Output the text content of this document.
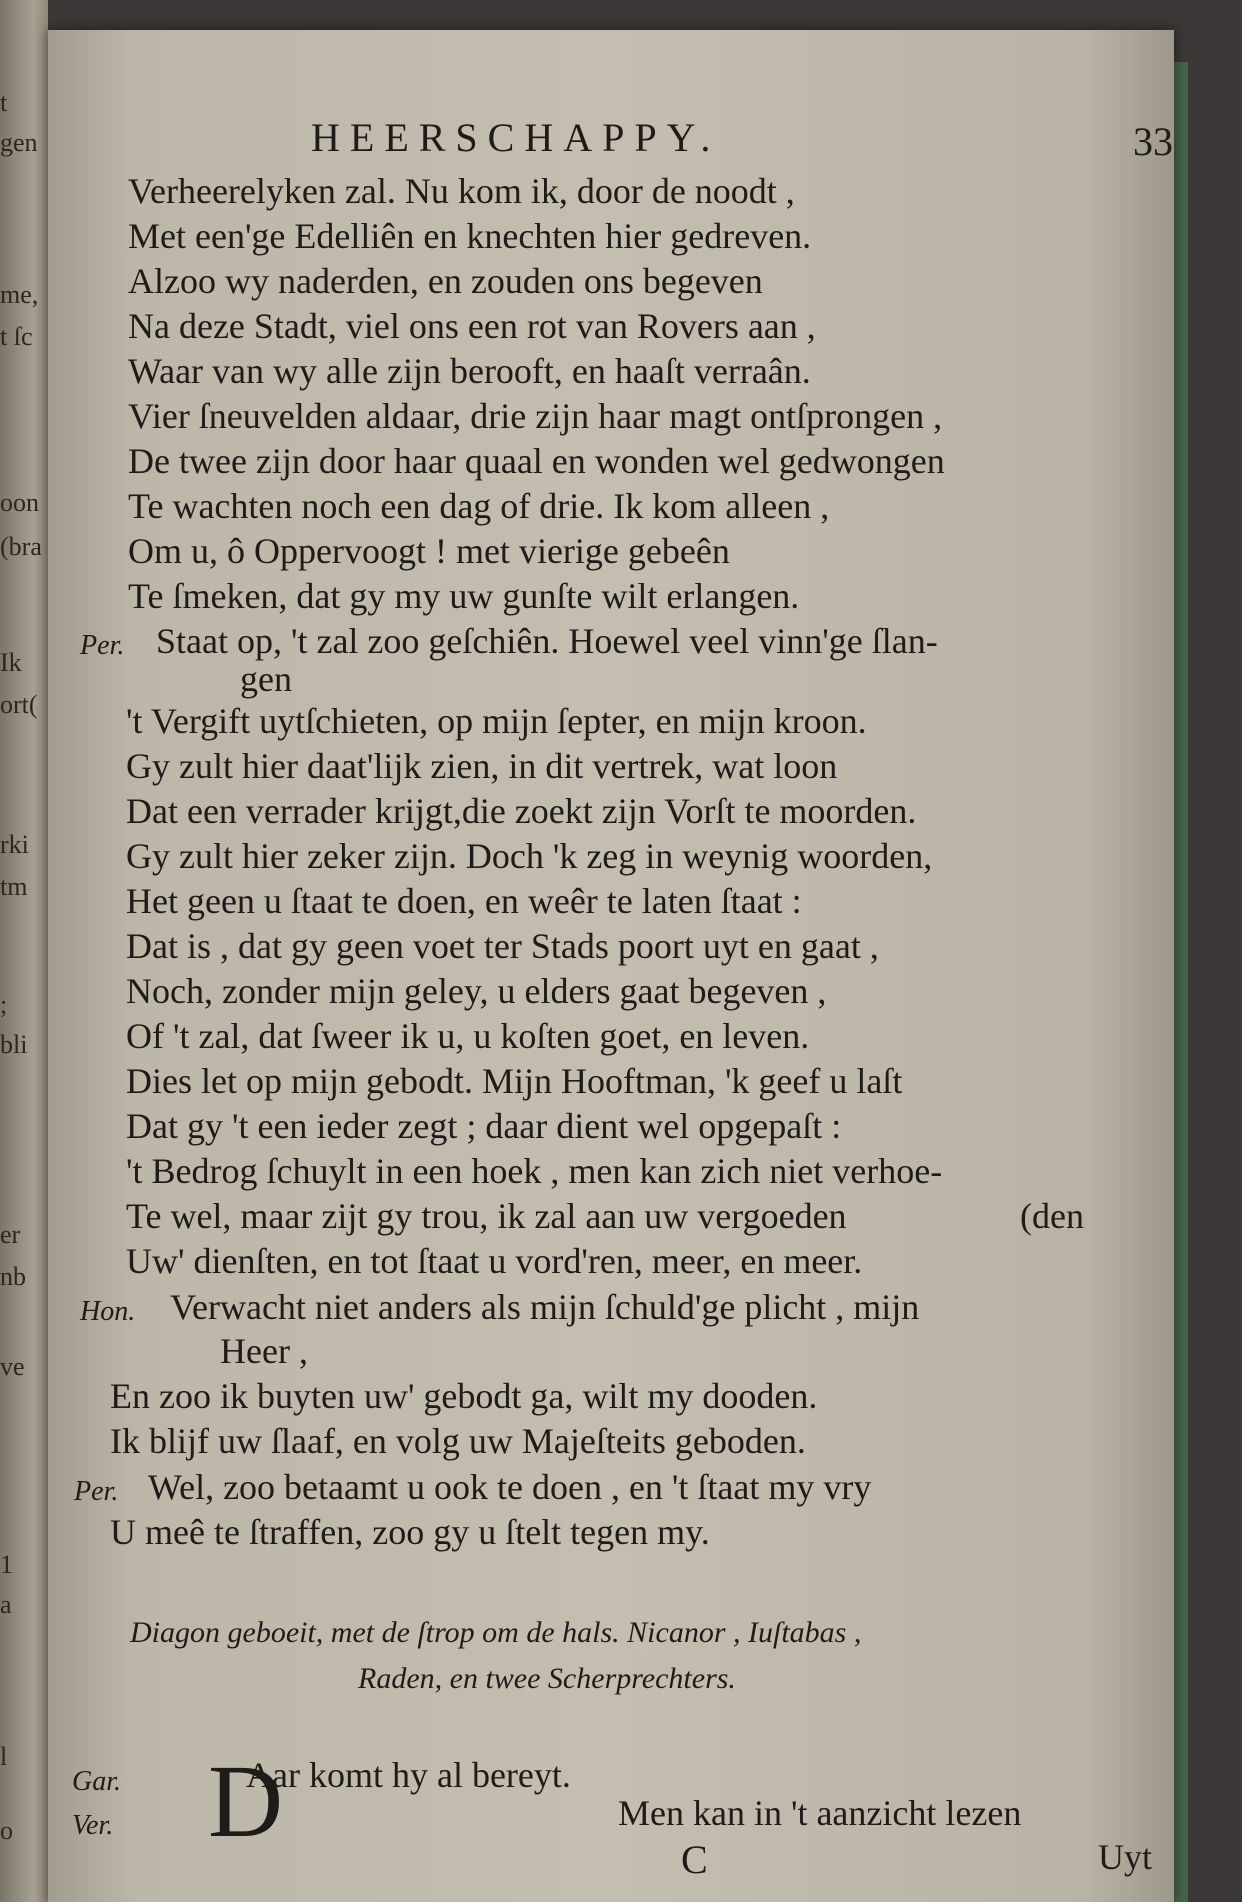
t
gen
me,
t ſc
oon
(bra
Ik
ort(
rki
tm
;
bli
er
nb
ve
1
a
l
o
HEERSCHAPPY.	33
Verheerelyken zal. Nu kom ik, door de noodt ,
Met een'ge Edelliên en knechten hier gedreven.
Alzoo wy naderden, en zouden ons begeven
Na deze Stadt, viel ons een rot van Rovers aan ,
Waar van wy alle zijn berooft, en haaſt verraân.
Vier ſneuvelden aldaar, drie zijn haar magt ontſprongen ,
De twee zijn door haar quaal en wonden wel gedwongen
Te wachten noch een dag of drie. Ik kom alleen ,
Om u, ô Oppervoogt ! met vierige gebeên
Te ſmeken, dat gy my uw gunſte wilt erlangen.
Per. Staat op, 't zal zoo geſchiên. Hoewel veel vinn'ge ſlan-
gen
't Vergift uytſchieten, op mijn ſepter, en mijn kroon.
Gy zult hier daat'lijk zien, in dit vertrek, wat loon
Dat een verrader krijgt,die zoekt zijn Vorſt te moorden.
Gy zult hier zeker zijn. Doch 'k zeg in weynig woorden,
Het geen u ſtaat te doen, en weêr te laten ſtaat :
Dat is , dat gy geen voet ter Stads poort uyt en gaat ,
Noch, zonder mijn geley, u elders gaat begeven ,
Of 't zal, dat ſweer ik u, u koſten goet, en leven.
Dies let op mijn gebodt. Mijn Hooftman, 'k geef u laſt
Dat gy 't een ieder zegt ; daar dient wel opgepaſt :
't Bedrog ſchuylt in een hoek , men kan zich niet verhoe-
Te wel, maar zijt gy trou, ik zal aan uw vergoeden	(den
Uw' dienſten, en tot ſtaat u vord'ren, meer, en meer.
Hon. Verwacht niet anders als mijn ſchuld'ge plicht , mijn
Heer ,
En zoo ik buyten uw' gebodt ga, wilt my dooden.
Ik blijf uw ſlaaf, en volg uw Majeſteits geboden.
Per. Wel, zoo betaamt u ook te doen , en 't ſtaat my vry
U meê te ſtraffen, zoo gy u ſtelt tegen my.
Diagon geboeit, met de ſtrop om de hals. Nicanor , Iuſtabas ,
Raden, en twee Scherprechters.
Gar.
Ver. D
Aar komt hy al bereyt.
Men kan in 't aanzicht lezen
C	Uyt
